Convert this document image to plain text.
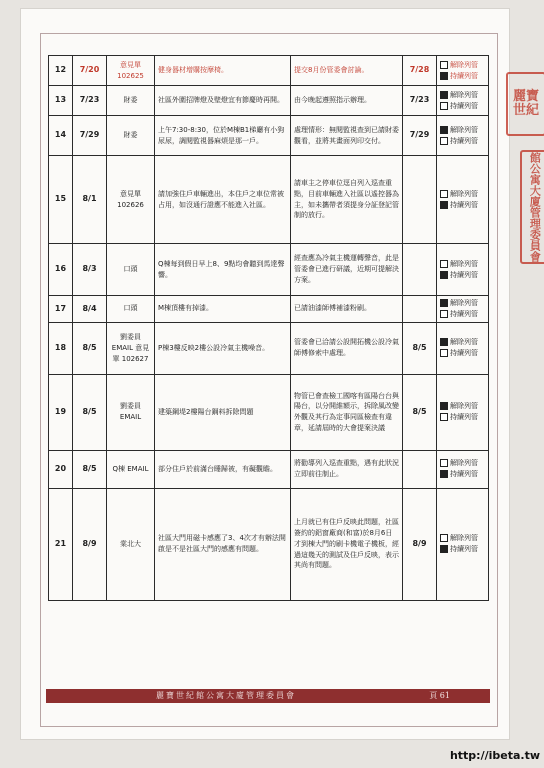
12	7/20	意見單 102625	健身器材增購按摩椅。	提交8月份管委會討論。	7/28	解除列管
持續列管

13	7/23	財委	社區外圍招牌燈及壁燈宜有節慶時再開。	由今晚起遵照指示辦理。	7/23	解除列管
持續列管

14	7/29	財委	上午7:30-8:30，位於M棟B1梯廳有小狗尿尿，調閱監視器麻煩是那一戶。	處理情形：無閱監視查到已請財委觀看，並將其畫面列印交付。	7/29	解除列管
持續列管

15	8/1	意見單 102626	請加強住戶車輛進出，本住戶之車位常被占用，如沒通行證應不能進入社區。	請車主之停車位逕自列入巡查重點，目前車輛進入社區以遙控器為主，如未攜帶者須提身分証登記管制的放行。		解除列管
持續列管

16	8/3	口頭	Q棟每到假日早上8、9點均會聽到馬達聲響。	經查應為冷氣主機運轉聲音，此是管委會已進行研議，近期可提解決方案。		解除列管
持續列管

17	8/4	口頭	M棟頂樓有掉漆。	已請油漆師傅補漆粉刷。		解除列管
持續列管

18	8/5	劉委員 EMAIL 意見單 102627	P棟3樓反映2樓公設冷氣主機噪音。	管委會已洽請公設開拓機公設冷氣師傅修索中處理。	8/5	解除列管
持續列管

19	8/5	劉委員 EMAIL	建築鋼堤2樓陽台鋼料拆除問題	物管已會查檢工國喀有區陽台台與陽台，以分開維額示，拆除風改變外觀及其行為定事同區檢查有違章，延請屆時的大會提案決議	8/5	解除列管
持續列管

20	8/5	Q棟 EMAIL	部分住戶於前滿台睡歸被，有礙觀瞻。	將勸導列入巡查重點，遇有此狀況立即前往制止。		解除列管
持續列管

21	8/9	棠北大	社區大門用磁卡感應了3、4次才有辦法開啟是不是社區大門的感應有問題。	上月就已有住戶反映此問題，社區簽約的鋁窗廠商(和富)於8月6日才到棟大門的刷卡機電子機板，經過這幾天的測試及住戶反映，表示其尚有問題。	8/9	解除列管
持續列管
麗寶世紀館公寓大廈管理委員會	頁 61
麗寶世紀
館公寓大廈管理委員會
http://ibeta.tw
